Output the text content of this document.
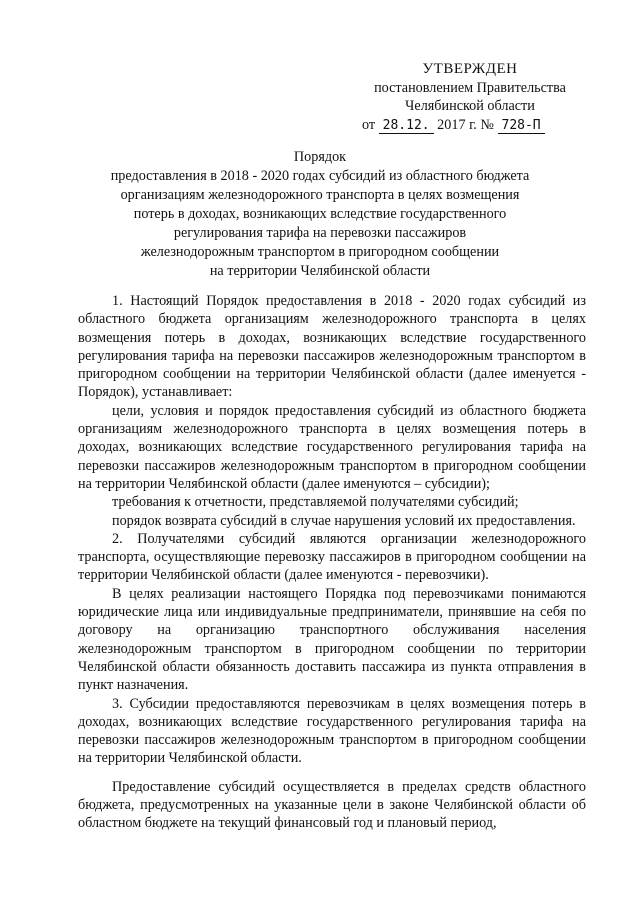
УТВЕРЖДЕН
постановлением Правительства
Челябинской области
от 28.12. 2017 г. № 728-П
Порядок
предоставления в 2018 - 2020 годах субсидий из областного бюджета
организациям железнодорожного транспорта в целях возмещения
потерь в доходах, возникающих вследствие государственного
регулирования тарифа на перевозки пассажиров
железнодорожным транспортом в пригородном сообщении
на территории Челябинской области

1. Настоящий Порядок предоставления в 2018 - 2020 годах субсидий из областного бюджета организациям железнодорожного транспорта в целях возмещения потерь в доходах, возникающих вследствие государственного регулирования тарифа на перевозки пассажиров железнодорожным транспортом в пригородном сообщении на территории Челябинской области (далее именуется - Порядок), устанавливает:

цели, условия и порядок предоставления субсидий из областного бюджета организациям железнодорожного транспорта в целях возмещения потерь в доходах, возникающих вследствие государственного регулирования тарифа на перевозки пассажиров железнодорожным транспортом в пригородном сообщении на территории Челябинской области (далее именуются – субсидии);

требования к отчетности, представляемой получателями субсидий;

порядок возврата субсидий в случае нарушения условий их предоставления.

2. Получателями субсидий являются организации железнодорожного транспорта, осуществляющие перевозку пассажиров в пригородном сообщении на территории Челябинской области (далее именуются - перевозчики).

В целях реализации настоящего Порядка под перевозчиками понимаются юридические лица или индивидуальные предприниматели, принявшие на себя по договору на организацию транспортного обслуживания населения железнодорожным транспортом в пригородном сообщении по территории Челябинской области обязанность доставить пассажира из пункта отправления в пункт назначения.

3. Субсидии предоставляются перевозчикам в целях возмещения потерь в доходах, возникающих вследствие государственного регулирования тарифа на перевозки пассажиров железнодорожным транспортом в пригородном сообщении на территории Челябинской области.

Предоставление субсидий осуществляется в пределах средств областного бюджета, предусмотренных на указанные цели в законе Челябинской области об областном бюджете на текущий финансовый год и плановый период,
